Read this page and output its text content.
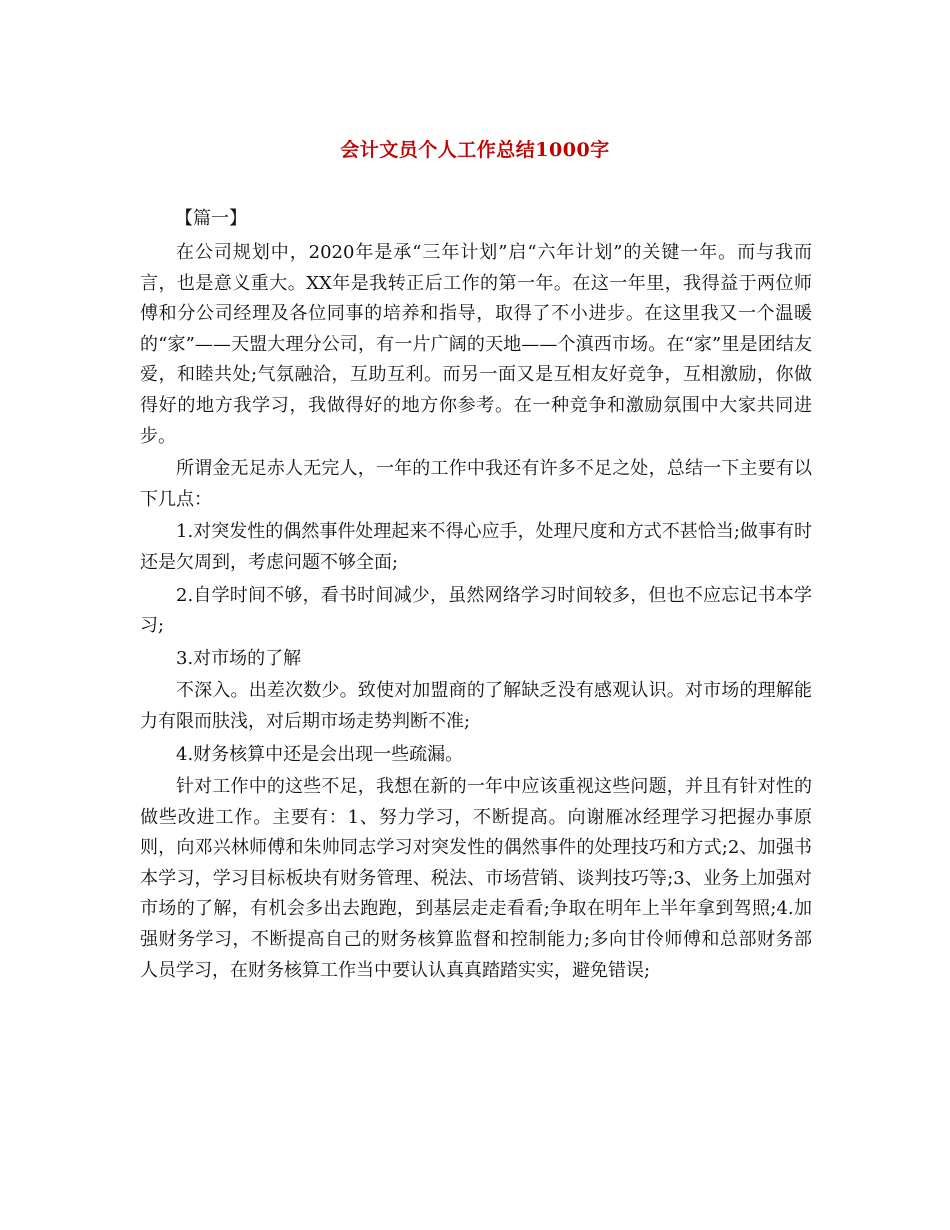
会计文员个人工作总结1000字
【篇一】

在公司规划中，2020年是承“三年计划”启“六年计划”的关键一年。而与我而言，也是意义重大。XX年是我转正后工作的第一年。在这一年里，我得益于两位师傅和分公司经理及各位同事的培养和指导，取得了不小进步。在这里我又一个温暖的“家”——天盟大理分公司，有一片广阔的天地——个滇西市场。在“家”里是团结友爱，和睦共处;气氛融洽，互助互利。而另一面又是互相友好竞争，互相激励，你做得好的地方我学习，我做得好的地方你参考。在一种竞争和激励氛围中大家共同进步。

所谓金无足赤人无完人，一年的工作中我还有许多不足之处，总结一下主要有以下几点：

1.对突发性的偶然事件处理起来不得心应手，处理尺度和方式不甚恰当;做事有时还是欠周到，考虑问题不够全面;

2.自学时间不够，看书时间减少，虽然网络学习时间较多，但也不应忘记书本学习;

3.对市场的了解

不深入。出差次数少。致使对加盟商的了解缺乏没有感观认识。对市场的理解能力有限而肤浅，对后期市场走势判断不准;

4.财务核算中还是会出现一些疏漏。

针对工作中的这些不足，我想在新的一年中应该重视这些问题，并且有针对性的做些改进工作。主要有：1、努力学习，不断提高。向谢雁冰经理学习把握办事原则，向邓兴林师傅和朱帅同志学习对突发性的偶然事件的处理技巧和方式;2、加强书本学习，学习目标板块有财务管理、税法、市场营销、谈判技巧等;3、业务上加强对市场的了解，有机会多出去跑跑，到基层走走看看;争取在明年上半年拿到驾照;4.加强财务学习，不断提高自己的财务核算监督和控制能力;多向甘伶师傅和总部财务部人员学习，在财务核算工作当中要认认真真踏踏实实，避免错误;
